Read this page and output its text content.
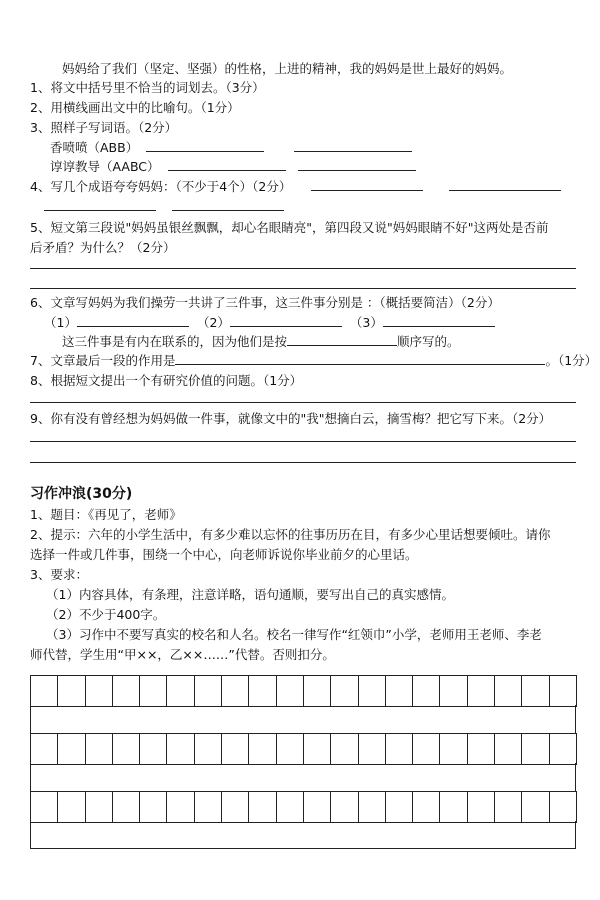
妈妈给了我们（坚定、坚强）的性格，上进的精神，我的妈妈是世上最好的妈妈。
1、将文中括号里不恰当的词划去。（3分）
2、用横线画出文中的比喻句。（1分）
3、照样子写词语。（2分）
香喷喷（ABB）
谆谆教导（AABC）
4、写几个成语夸夸妈妈：（不少于4个）（2分）

5、短文第三段说"妈妈虽银丝飘飘，却心名眼睛亮"，第四段又说"妈妈眼睛不好"这两处是否前
后矛盾？为什么？（2分）
6、文章写妈妈为我们操劳一共讲了三件事，这三件事分别是 ：（概括要简洁）（2分）
（1）	（2）	（3）
这三件事是有内在联系的，因为他们是按	顺序写的。
7、文章最后一段的作用是	。（1分）
8、根据短文提出一个有研究价值的问题。（1分）
9、你有没有曾经想为妈妈做一件事，就像文中的"我"想摘白云，摘雪梅？把它写下来。（2分）
习作冲浪(30分)
1、题目：《再见了，老师》
2、提示：六年的小学生活中，有多少难以忘怀的往事历历在目，有多少心里话想要倾吐。请你
选择一件或几件事，围绕一个中心，向老师诉说你毕业前夕的心里话。
3、要求：
（1）内容具体，有条理，注意详略，语句通顺，要写出自己的真实感情。
（2）不少于400字。
（3）习作中不要写真实的校名和人名。校名一律写作“红领巾”小学，老师用王老师、李老
师代替，学生用“甲××，乙××……”代替。否则扣分。
